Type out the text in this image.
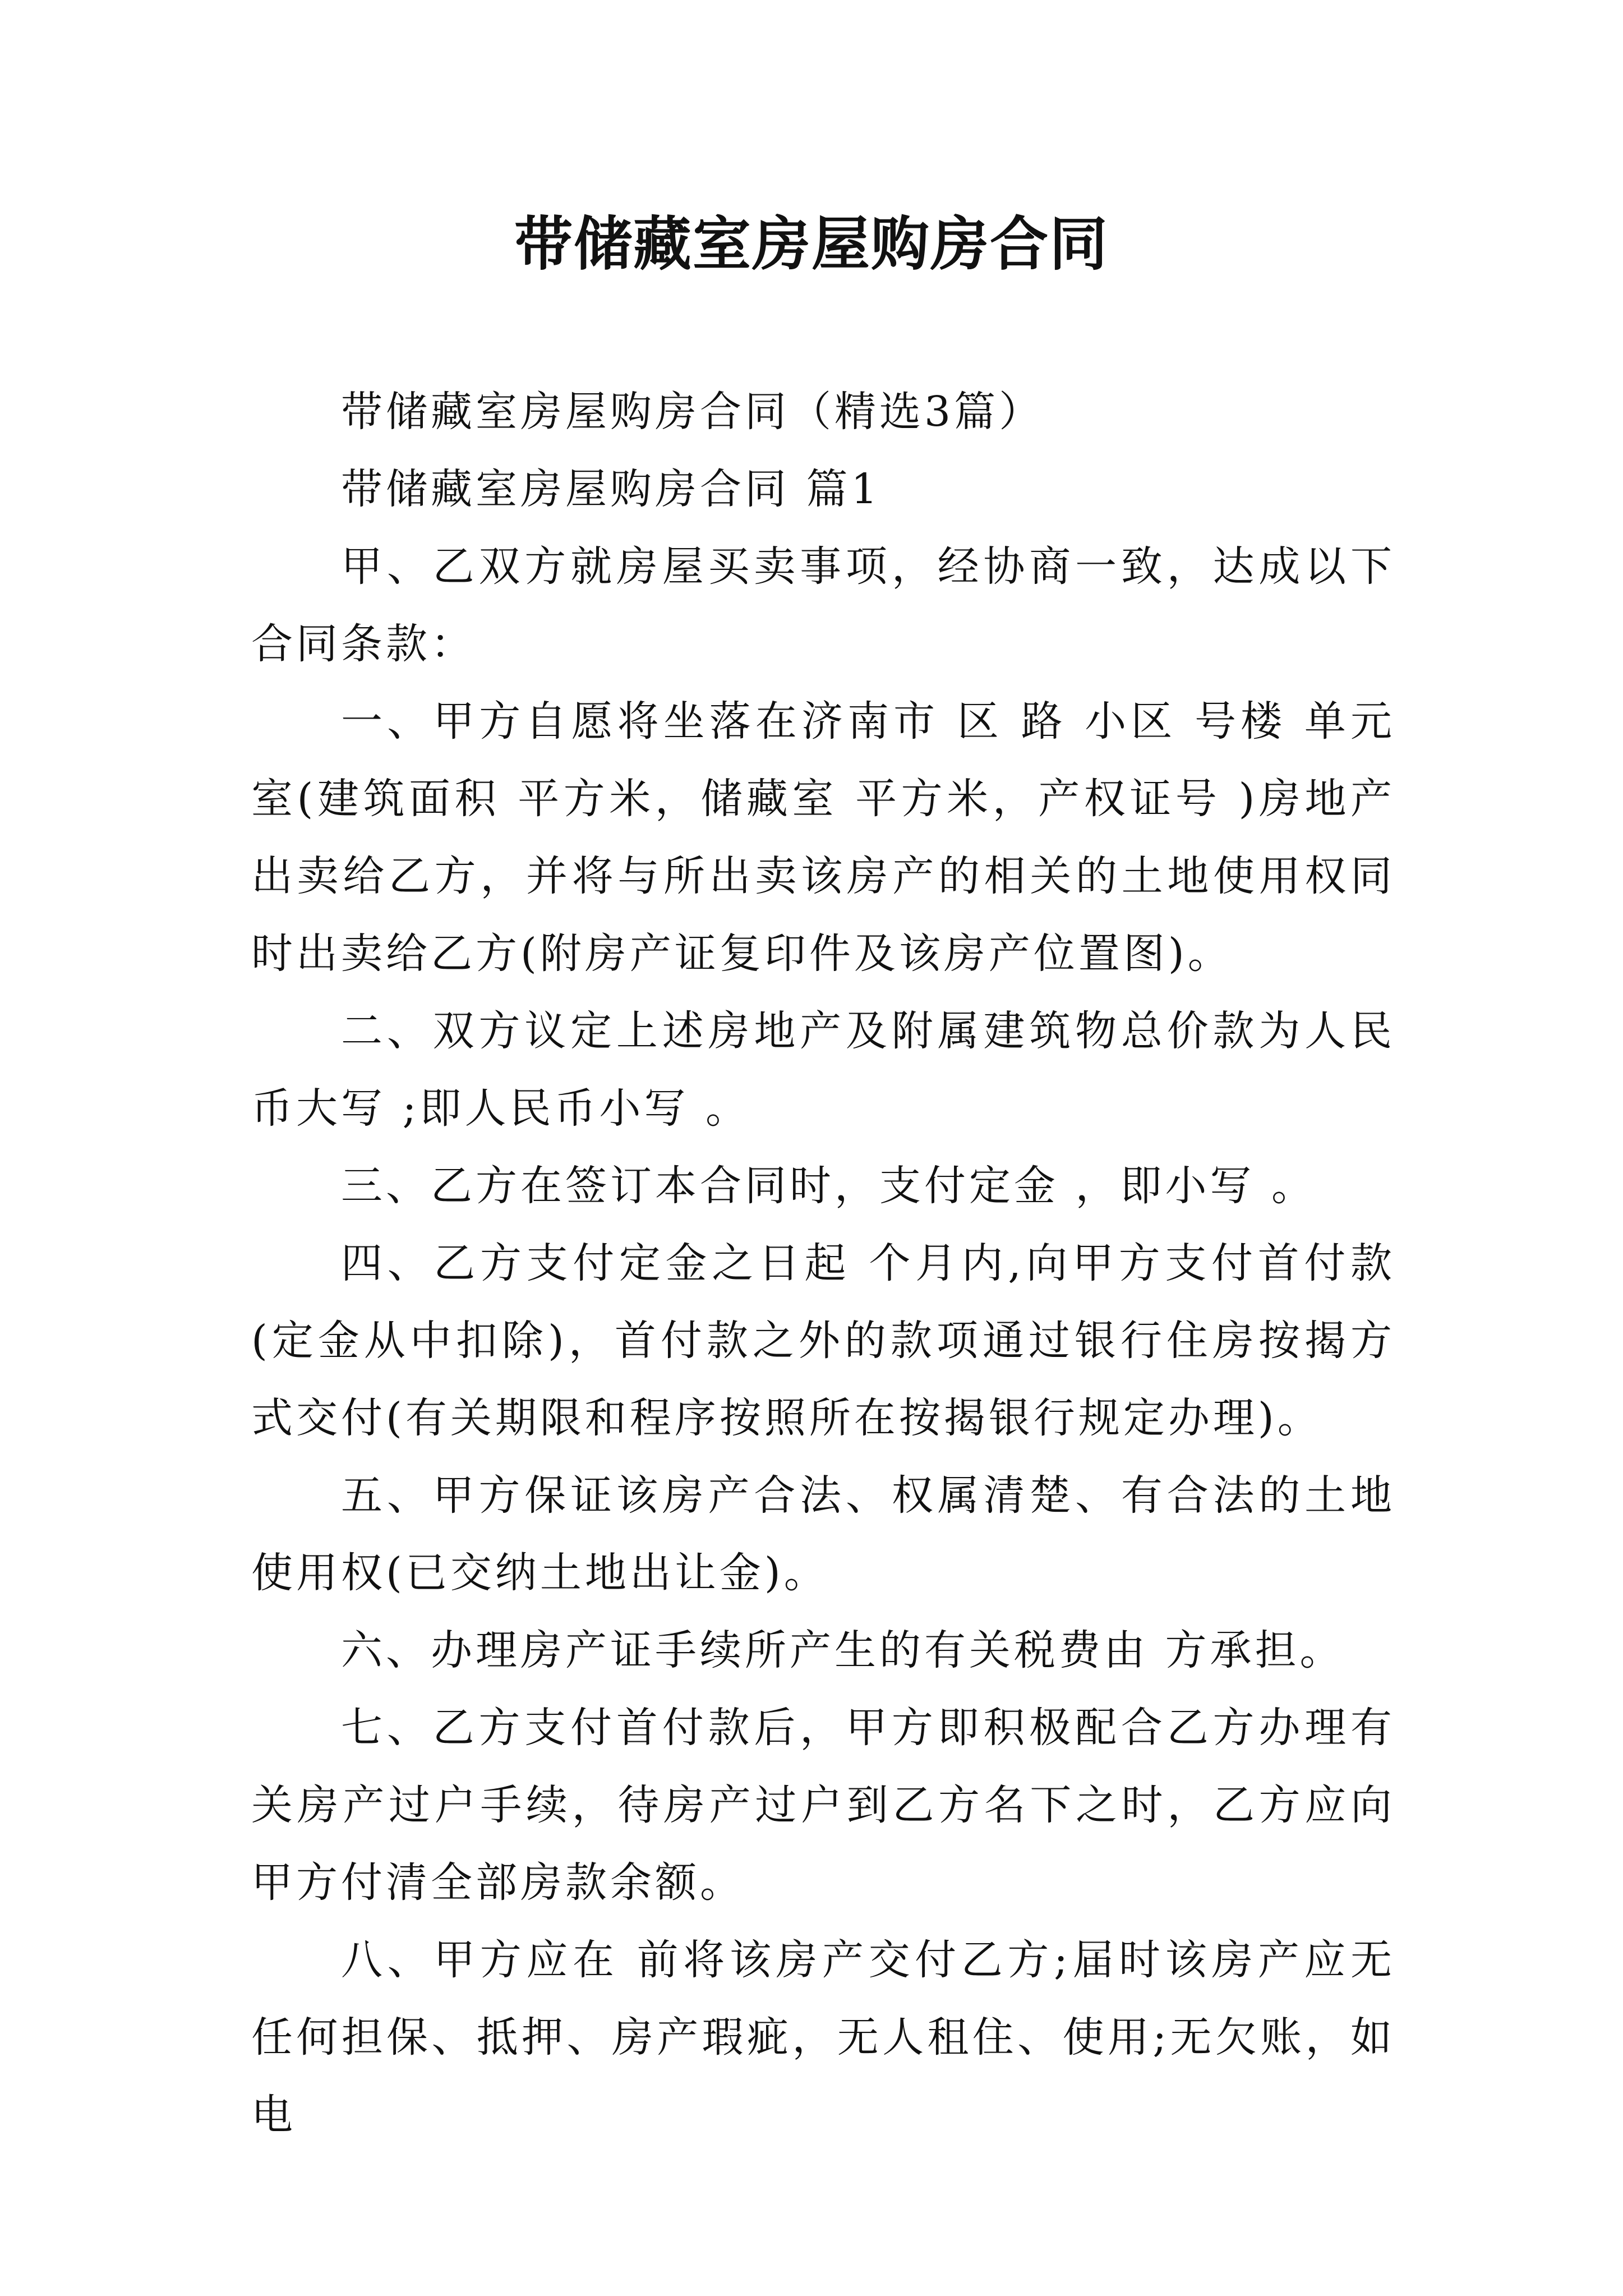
带储藏室房屋购房合同

带储藏室房屋购房合同（精选3篇）

带储藏室房屋购房合同 篇1

甲、乙双方就房屋买卖事项，经协商一致，达成以下合同条款：

一、甲方自愿将坐落在济南市 区 路 小区 号楼 单元室(建筑面积 平方米，储藏室 平方米，产权证号 )房地产出卖给乙方，并将与所出卖该房产的相关的土地使用权同时出卖给乙方(附房产证复印件及该房产位置图)。

二、双方议定上述房地产及附属建筑物总价款为人民币大写 ;即人民币小写 。

三、乙方在签订本合同时，支付定金 ，即小写 。

四、乙方支付定金之日起 个月内,向甲方支付首付款(定金从中扣除)，首付款之外的款项通过银行住房按揭方式交付(有关期限和程序按照所在按揭银行规定办理)。

五、甲方保证该房产合法、权属清楚、有合法的土地使用权(已交纳土地出让金)。

六、办理房产证手续所产生的有关税费由 方承担。

七、乙方支付首付款后，甲方即积极配合乙方办理有关房产过户手续，待房产过户到乙方名下之时，乙方应向甲方付清全部房款余额。

八、甲方应在 前将该房产交付乙方;届时该房产应无任何担保、抵押、房产瑕疵，无人租住、使用;无欠账，如电
